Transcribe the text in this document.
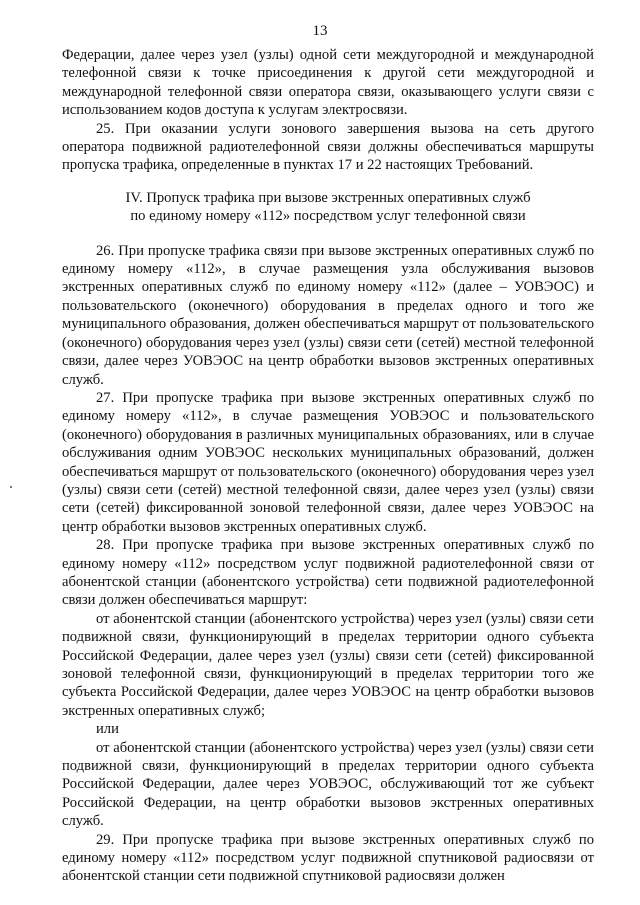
13

Федерации, далее через узел (узлы) одной сети междугородной и международной телефонной связи к точке присоединения к другой сети междугородной и международной телефонной связи оператора связи, оказывающего услуги связи с использованием кодов доступа к услугам электросвязи.

25. При оказании услуги зонового завершения вызова на сеть другого оператора подвижной радиотелефонной связи должны обеспечиваться маршруты пропуска трафика, определенные в пунктах 17 и 22 настоящих Требований.

IV. Пропуск трафика при вызове экстренных оперативных служб
по единому номеру «112» посредством услуг телефонной связи

26. При пропуске трафика связи при вызове экстренных оперативных служб по единому номеру «112», в случае размещения узла обслуживания вызовов экстренных оперативных служб по единому номеру «112» (далее – УОВЭОС) и пользовательского (оконечного) оборудования в пределах одного и того же муниципального образования, должен обеспечиваться маршрут от пользовательского (оконечного) оборудования через узел (узлы) связи сети (сетей) местной телефонной связи, далее через УОВЭОС на центр обработки вызовов экстренных оперативных служб.

27. При пропуске трафика при вызове экстренных оперативных служб по единому номеру «112», в случае размещения УОВЭОС и пользовательского (оконечного) оборудования в различных муниципальных образованиях, или в случае обслуживания одним УОВЭОС нескольких муниципальных образований, должен обеспечиваться маршрут от пользовательского (оконечного) оборудования через узел (узлы) связи сети (сетей) местной телефонной связи, далее через узел (узлы) связи сети (сетей) фиксированной зоновой телефонной связи, далее через УОВЭОС на центр обработки вызовов экстренных оперативных служб.

28. При пропуске трафика при вызове экстренных оперативных служб по единому номеру «112» посредством услуг подвижной радиотелефонной связи от абонентской станции (абонентского устройства) сети подвижной радиотелефонной связи должен обеспечиваться маршрут:

от абонентской станции (абонентского устройства) через узел (узлы) связи сети подвижной связи, функционирующий в пределах территории одного субъекта Российской Федерации, далее через узел (узлы) связи сети (сетей) фиксированной зоновой телефонной связи, функционирующий в пределах территории того же субъекта Российской Федерации, далее через УОВЭОС на центр обработки вызовов экстренных оперативных служб;

или

от абонентской станции (абонентского устройства) через узел (узлы) связи сети подвижной связи, функционирующий в пределах территории одного субъекта Российской Федерации, далее через УОВЭОС, обслуживающий тот же субъект Российской Федерации, на центр обработки вызовов экстренных оперативных служб.

29. При пропуске трафика при вызове экстренных оперативных служб по единому номеру «112» посредством услуг подвижной спутниковой радиосвязи от абонентской станции сети подвижной спутниковой радиосвязи должен
